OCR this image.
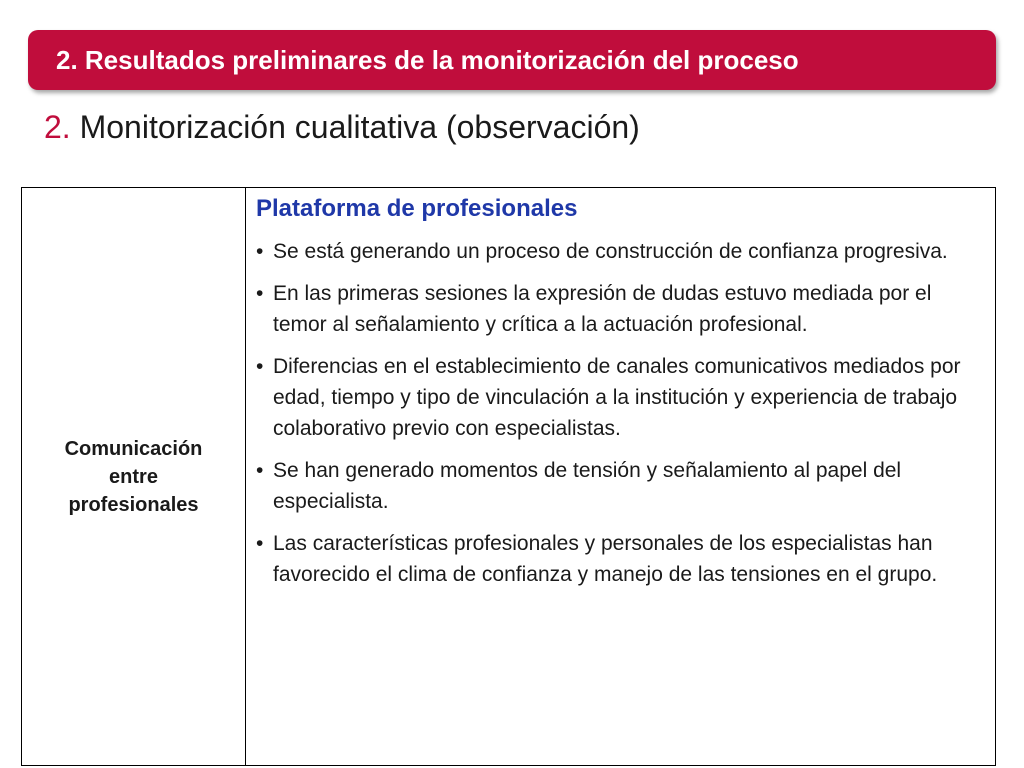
2. Resultados preliminares de la monitorización del proceso
2. Monitorización cualitativa (observación)
Comunicación
entre
profesionales
Plataforma de profesionales
• Se está generando un proceso de construcción de confianza progresiva.
• En las primeras sesiones la expresión de dudas estuvo mediada por el temor al señalamiento y crítica a la actuación profesional.
• Diferencias en el establecimiento de canales comunicativos mediados por edad, tiempo y tipo de vinculación a la institución y experiencia de trabajo colaborativo previo con especialistas.
• Se han generado momentos de tensión y señalamiento al papel del especialista.
• Las características profesionales y personales de los especialistas han favorecido el clima de confianza y manejo de las tensiones en el grupo.
